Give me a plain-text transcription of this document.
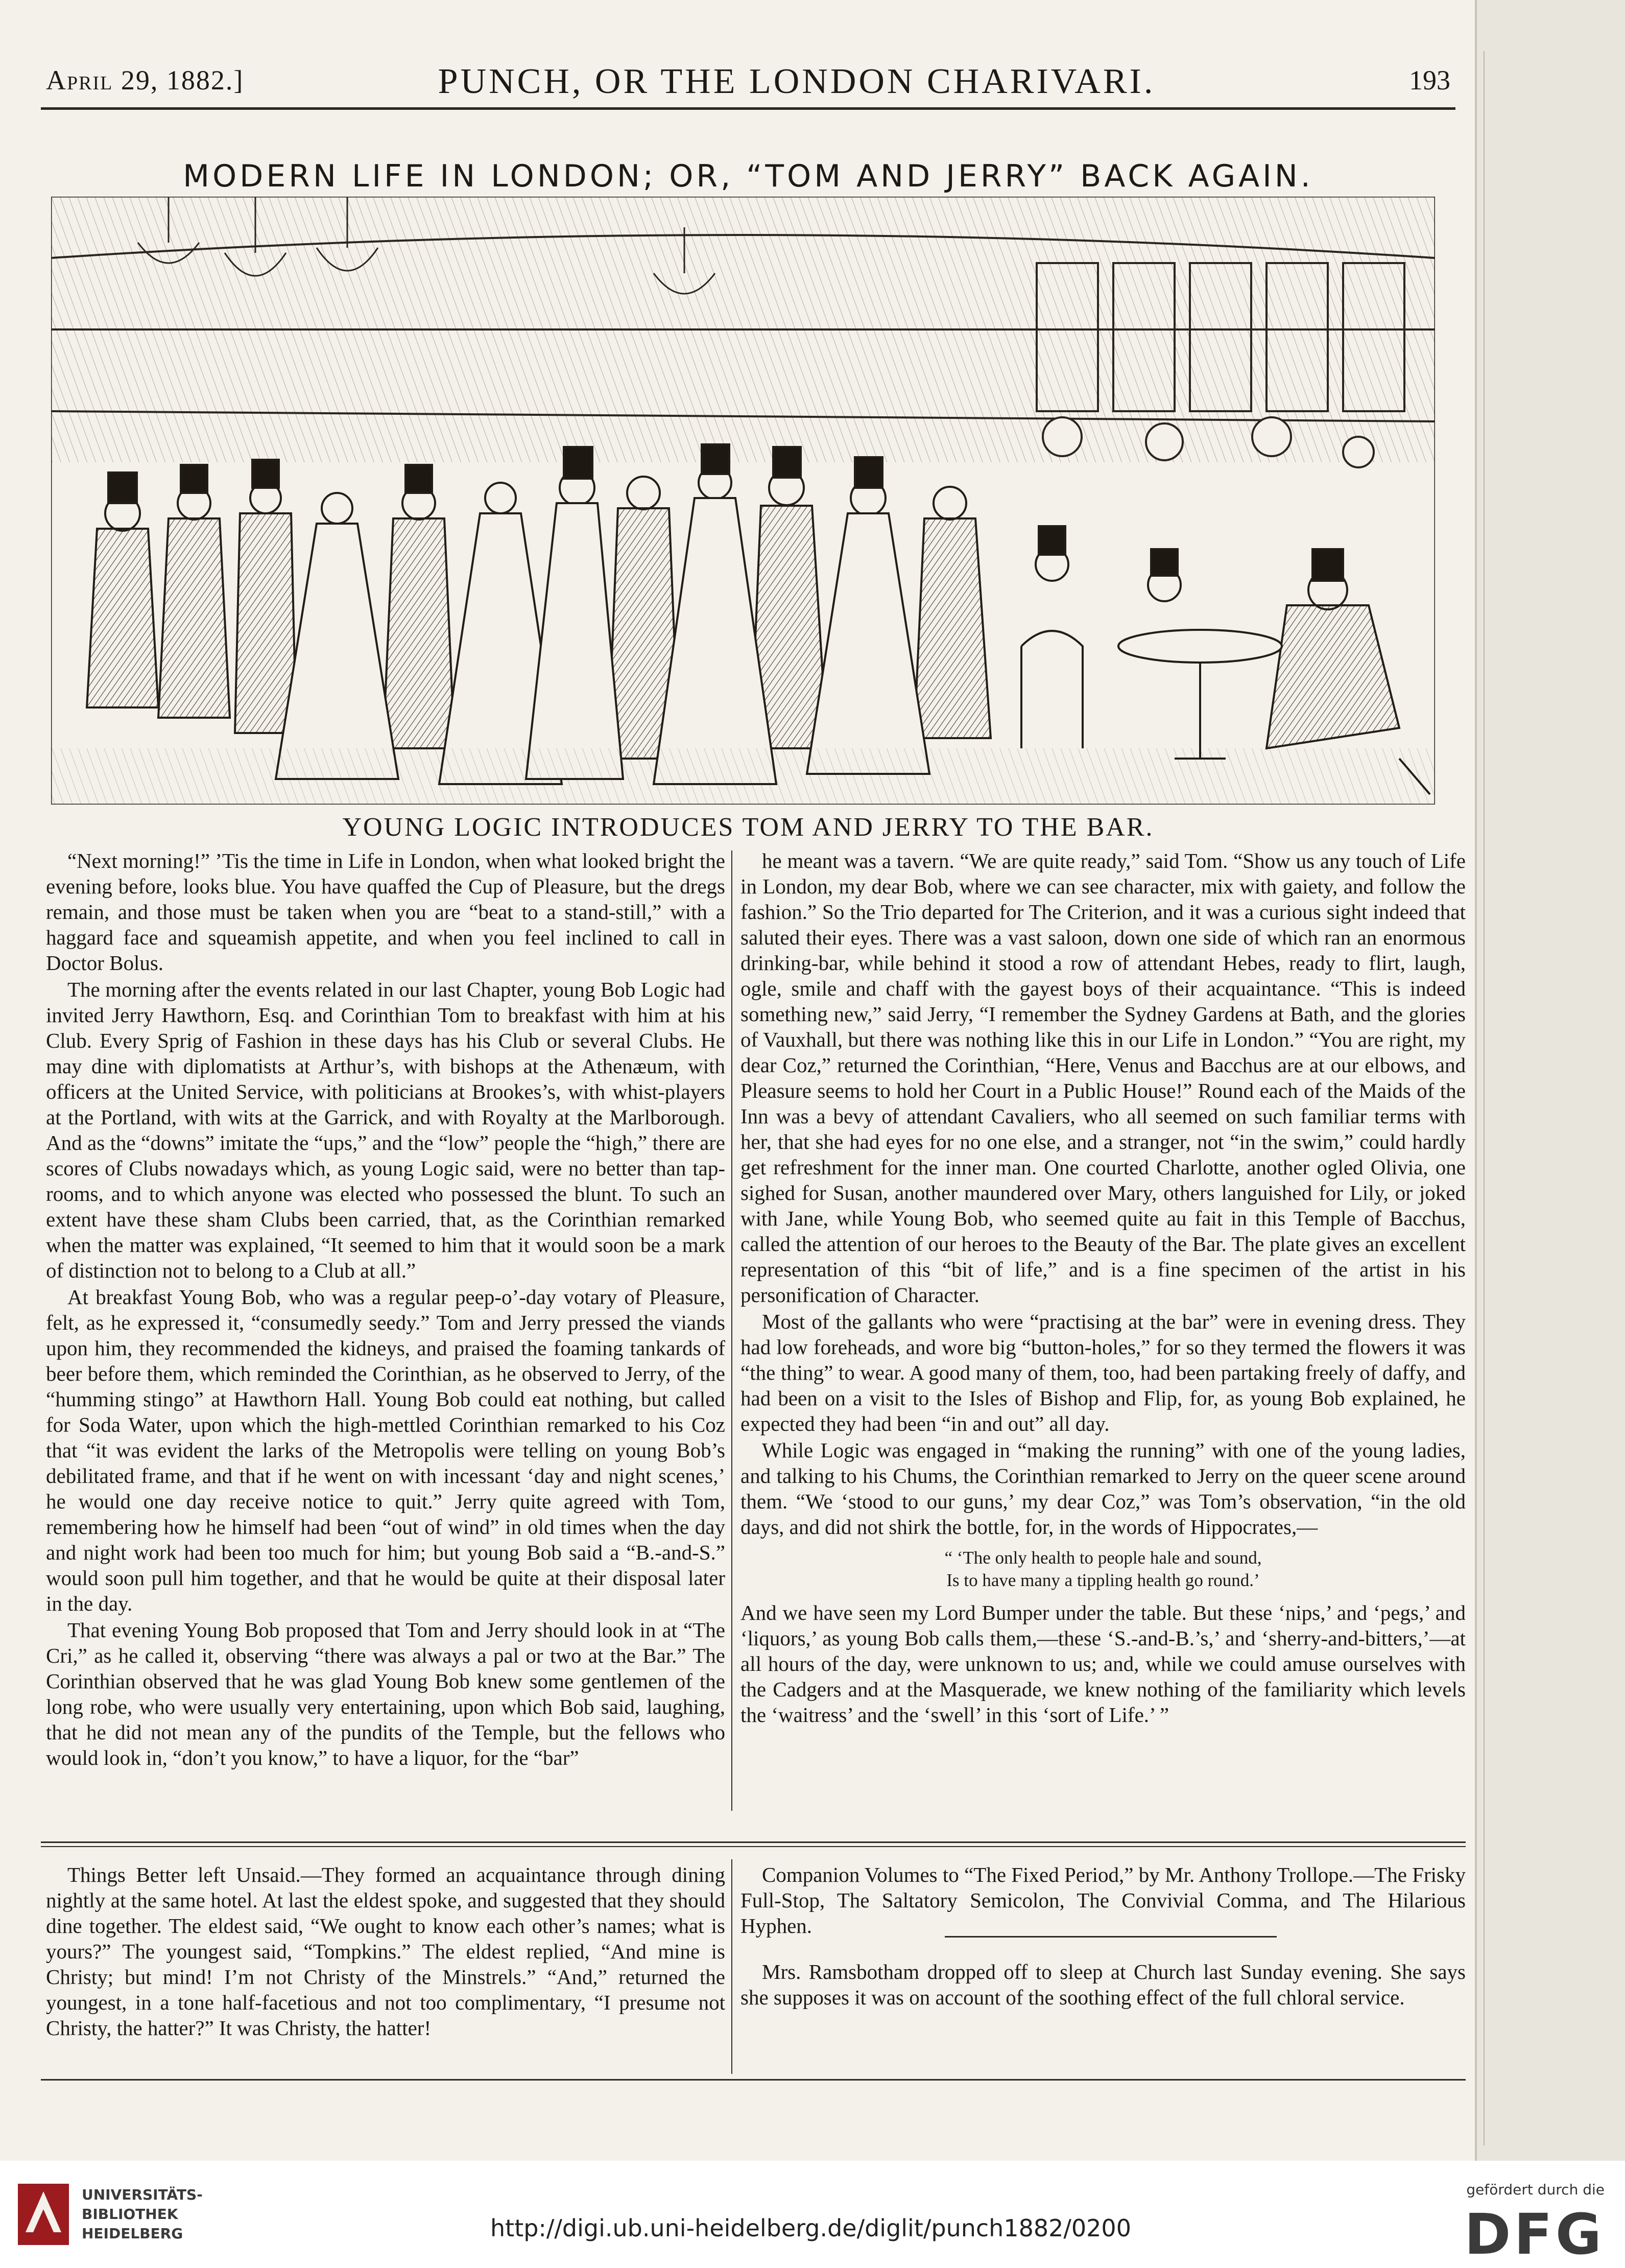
April 29, 1882.]	PUNCH, OR THE LONDON CHARIVARI.	193
MODERN LIFE IN LONDON; OR, “TOM AND JERRY” BACK AGAIN.
YOUNG LOGIC INTRODUCES TOM AND JERRY TO THE BAR.

“Next morning!” ’Tis the time in Life in London, when what looked bright the evening before, looks blue. You have quaffed the Cup of Pleasure, but the dregs remain, and those must be taken when you are “beat to a stand-still,” with a haggard face and squeamish appetite, and when you feel inclined to call in Doctor Bolus.

The morning after the events related in our last Chapter, young Bob Logic had invited Jerry Hawthorn, Esq. and Corinthian Tom to breakfast with him at his Club. Every Sprig of Fashion in these days has his Club or several Clubs. He may dine with diplomatists at Arthur’s, with bishops at the Athenæum, with officers at the United Service, with politicians at Brookes’s, with whist-players at the Portland, with wits at the Garrick, and with Royalty at the Marlborough. And as the “downs” imitate the “ups,” and the “low” people the “high,” there are scores of Clubs nowadays which, as young Logic said, were no better than tap-rooms, and to which anyone was elected who possessed the blunt. To such an extent have these sham Clubs been carried, that, as the Corinthian remarked when the matter was explained, “It seemed to him that it would soon be a mark of distinction not to belong to a Club at all.”

At breakfast Young Bob, who was a regular peep-o’-day votary of Pleasure, felt, as he expressed it, “consumedly seedy.” Tom and Jerry pressed the viands upon him, they recommended the kidneys, and praised the foaming tankards of beer before them, which reminded the Corinthian, as he observed to Jerry, of the “humming stingo” at Hawthorn Hall. Young Bob could eat nothing, but called for Soda Water, upon which the high-mettled Corinthian remarked to his Coz that “it was evident the larks of the Metropolis were telling on young Bob’s debilitated frame, and that if he went on with incessant ‘day and night scenes,’ he would one day receive notice to quit.” Jerry quite agreed with Tom, remembering how he himself had been “out of wind” in old times when the day and night work had been too much for him; but young Bob said a “B.-and-S.” would soon pull him together, and that he would be quite at their disposal later in the day.

That evening Young Bob proposed that Tom and Jerry should look in at “The Cri,” as he called it, observing “there was always a pal or two at the Bar.” The Corinthian observed that he was glad Young Bob knew some gentlemen of the long robe, who were usually very entertaining, upon which Bob said, laughing, that he did not mean any of the pundits of the Temple, but the fellows who would look in, “don’t you know,” to have a liquor, for the “bar”

he meant was a tavern. “We are quite ready,” said Tom. “Show us any touch of Life in London, my dear Bob, where we can see character, mix with gaiety, and follow the fashion.” So the Trio departed for The Criterion, and it was a curious sight indeed that saluted their eyes. There was a vast saloon, down one side of which ran an enormous drinking-bar, while behind it stood a row of attendant Hebes, ready to flirt, laugh, ogle, smile and chaff with the gayest boys of their acquaintance. “This is indeed something new,” said Jerry, “I remember the Sydney Gardens at Bath, and the glories of Vauxhall, but there was nothing like this in our Life in London.” “You are right, my dear Coz,” returned the Corinthian, “Here, Venus and Bacchus are at our elbows, and Pleasure seems to hold her Court in a Public House!” Round each of the Maids of the Inn was a bevy of attendant Cavaliers, who all seemed on such familiar terms with her, that she had eyes for no one else, and a stranger, not “in the swim,” could hardly get refreshment for the inner man. One courted Charlotte, another ogled Olivia, one sighed for Susan, another maundered over Mary, others languished for Lily, or joked with Jane, while Young Bob, who seemed quite au fait in this Temple of Bacchus, called the attention of our heroes to the Beauty of the Bar. The plate gives an excellent representation of this “bit of life,” and is a fine specimen of the artist in his personification of Character.

Most of the gallants who were “practising at the bar” were in evening dress. They had low foreheads, and wore big “button-holes,” for so they termed the flowers it was “the thing” to wear. A good many of them, too, had been partaking freely of daffy, and had been on a visit to the Isles of Bishop and Flip, for, as young Bob explained, he expected they had been “in and out” all day.

While Logic was engaged in “making the running” with one of the young ladies, and talking to his Chums, the Corinthian remarked to Jerry on the queer scene around them. “We ‘stood to our guns,’ my dear Coz,” was Tom’s observation, “in the old days, and did not shirk the bottle, for, in the words of Hippocrates,—

“ ‘The only health to people hale and sound,
Is to have many a tippling health go round.’

And we have seen my Lord Bumper under the table. But these ‘nips,’ and ‘pegs,’ and ‘liquors,’ as young Bob calls them,—these ‘S.-and-B.’s,’ and ‘sherry-and-bitters,’—at all hours of the day, were unknown to us; and, while we could amuse ourselves with the Cadgers and at the Masquerade, we knew nothing of the familiarity which levels the ‘waitress’ and the ‘swell’ in this ‘sort of Life.’ ”

Things Better left Unsaid.—They formed an acquaintance through dining nightly at the same hotel. At last the eldest spoke, and suggested that they should dine together. The eldest said, “We ought to know each other’s names; what is yours?” The youngest said, “Tompkins.” The eldest replied, “And mine is Christy; but mind! I’m not Christy of the Minstrels.” “And,” returned the youngest, in a tone half-facetious and not too complimentary, “I presume not Christy, the hatter?” It was Christy, the hatter!

Companion Volumes to “The Fixed Period,” by Mr. Anthony Trollope.—The Frisky Full-Stop, The Saltatory Semicolon, The Convivial Comma, and The Hilarious Hyphen.

Mrs. Ramsbotham dropped off to sleep at Church last Sunday evening. She says she supposes it was on account of the soothing effect of the full chloral service.

UNIVERSITÄTS-
BIBLIOTHEK
HEIDELBERG	http://digi.ub.uni-heidelberg.de/diglit/punch1882/0200
gefördert durch die
DFG
